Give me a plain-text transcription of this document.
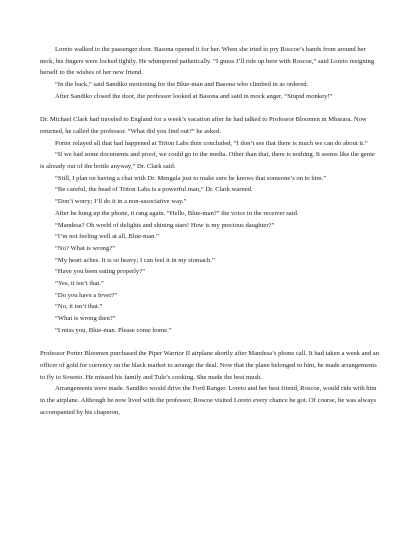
Loreto walked to the passenger door. Basona opened it for her. When she tried to pry Roscoe’s hands from around her neck, his fingers were locked tightly. He whimpered pathetically. “I guess I’ll ride up here with Roscoe,” said Loreto resigning herself to the wishes of her new friend.

“In the back,” said Sandiko motioning for the Blue-man and Basona who climbed in as ordered.

After Sandiko closed the door, the professor looked at Basona and said in mock anger, “Stupid monkey!”

Dr. Michael Clark had traveled to England for a week’s vacation after he had talked to Professor Bloomen in Mbarara. Now returned, he called the professor. “What did you find out?” he asked.

Porter relayed all that had happened at Triton Labs then concluded, “I don’t see that there is much we can do about it.”

“If we had some documents and proof, we could go to the media. Other than that, there is nothing. It seems like the genie is already out of the bottle anyway,” Dr. Clark said.

“Still, I plan on having a chat with Dr. Mengala just to make sure he knows that someone’s on to him.”

“Be careful, the head of Triton Labs is a powerful man,” Dr. Clark warned.

“Don’t worry; I’ll do it in a non-associative way.”

After he hung up the phone, it rang again. “Hello, Blue-man?” the voice in the receiver said.

“Mandesa? Oh world of delights and shining stars! How is my precious daughter?”

“I’m not feeling well at all, Blue-man.”

“No? What is wrong?”

“My heart aches. It is so heavy; I can feel it in my stomach.”

“Have you been eating properly?”

“Yes, it isn’t that.”

“Do you have a fever?”

“No, it isn’t that.”

“What is wrong then?”

“I miss you, Blue-man. Please come home.”

Professor Porter Bloomen purchased the Piper Warrior II airplane shortly after Mandesa’s phone call. It had taken a week and an officer of gold for currency on the black market to arrange the deal. Now that the plane belonged to him, he made arrangements to fly to Soweto. He missed his family and Tule’s cooking. She made the best mush.

Arrangements were made. Sandiko would drive the Ford Ranger. Loreto and her best friend, Roscoe, would ride with him in the airplane. Although he now lived with the professor, Roscoe visited Loreto every chance he got. Of course, he was always accompanied by his chaperon,
